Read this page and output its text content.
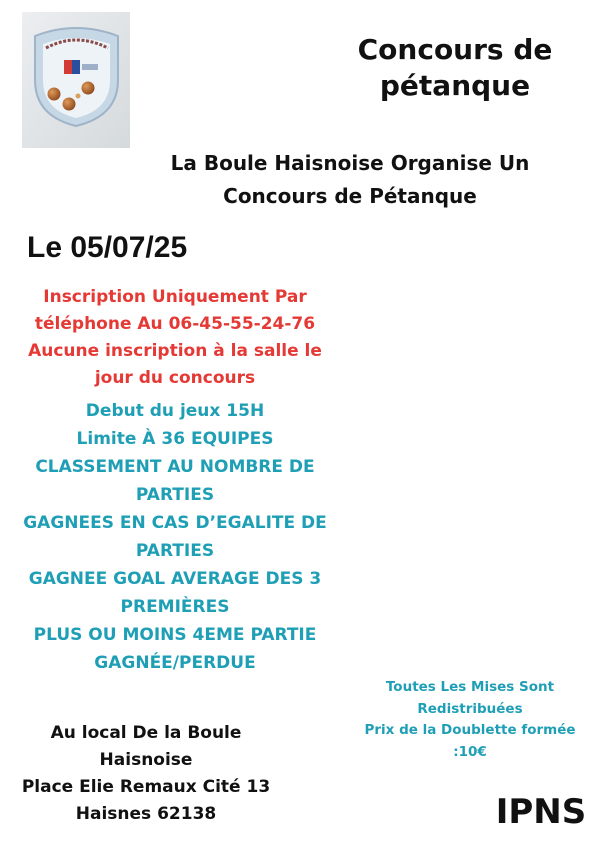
Concours de
pétanque
La Boule Haisnoise Organise Un
Concours de Pétanque
Le 05/07/25
Inscription Uniquement Par
téléphone Au 06-45-55-24-76
Aucune inscription à la salle le
jour du concours
Debut du jeux 15H
Limite À 36 EQUIPES
CLASSEMENT AU NOMBRE DE
PARTIES
GAGNEES EN CAS D’EGALITE DE
PARTIES
GAGNEE GOAL AVERAGE DES 3
PREMIÈRES
PLUS OU MOINS 4EME PARTIE
GAGNÉE/PERDUE
Toutes Les Mises Sont
Redistribuées
Prix de la Doublette formée
:10€
Au local De la Boule
Haisnoise
Place Elie Remaux Cité 13
Haisnes 62138	IPNS
